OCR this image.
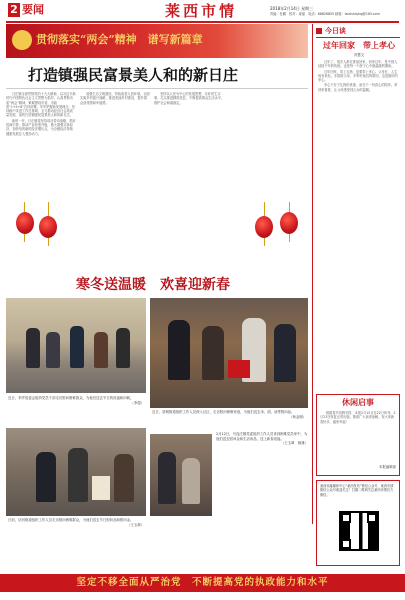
2 要闻	莱西市情	2018年2月14日 星期三
责编：杜鹏　校对：姜丽　电话：88826855 邮箱：laixishiqing@163.com
贯彻落实“两会”精神　谱写新篇章
打造镇强民富景美人和的新日庄

日庄镇全面贯彻党的十九大精神，以习近平新时代中国特色社会主义思想为指导，认真贯彻市委“两会”精神，紧紧围绕市委、市政府“1+5+8”总体部署，牢牢把握新发展理念，坚持稳中求进工作总基调，全力推动经济社会高质量发展，加快打造镇强民富景美人和的新日庄。

新的一年，日庄镇将坚持项目带动战略，抓好招商引资，推动产业转型升级，做大做强实体经济，加快培育新的经济增长点，为全镇经济持续健康发展注入强劲动力。

加强生态文明建设，持续改善人居环境，全面实施乡村振兴战略，推进美丽乡村建设，提升群众获得感和幸福感。

坚持以人民为中心的发展思想，办好民生实事，扎实推进精准扶贫，不断提高群众生活水平，维护社会和谐稳定。

今日谈
过年回家　带上孝心
冯慧文

过年了，很多人都在准备回家。回家过年，是中国人延续千年的传统，也是每一个游子心中最温暖的期盼。

过年回家，带上礼物，更要带上孝心。父母在，人生尚有来处。多陪陪父母，多听听他们的唠叨，这是最好的孝心。

孝心不在于礼物的贵重，而在于一份真心的陪伴。常回家看看，让父母感受到儿女的温暖。

寒冬送温暖　欢喜迎新春
近日，李亭居委会组织党员干部走访慰问困难群众，为他们送去节日的祝福和问候。
（李超）
近日，望城街道组织工作人员深入社区，走访慰问困难家庭，为他们送去米、面、油等慰问品。
（杨金刚）
2月12日，马连庄镇党委组织工作人员来到困难党员家中，为他们送去慰问金和生活用品，送上新春祝福。
（王玉翠　姚雄）
日前，沽河街道组织工作人员走访慰问困难群众，为他们送去节日慰问品和慰问金。
（王玉翠）
休闲启事
根据春节放假安排，本报2月15日至22日休刊，2月23日恢复正常出版。敬请广大读者谅解，祝大家新春快乐、阖家幸福！
本报编辑部
莱西市融媒体中心“莱西发布”微信公众号、莱西市情微信公众号欢迎关注！扫描二维码关注莱西市情官方微信。
坚定不移全面从严治党　不断提高党的执政能力和水平
